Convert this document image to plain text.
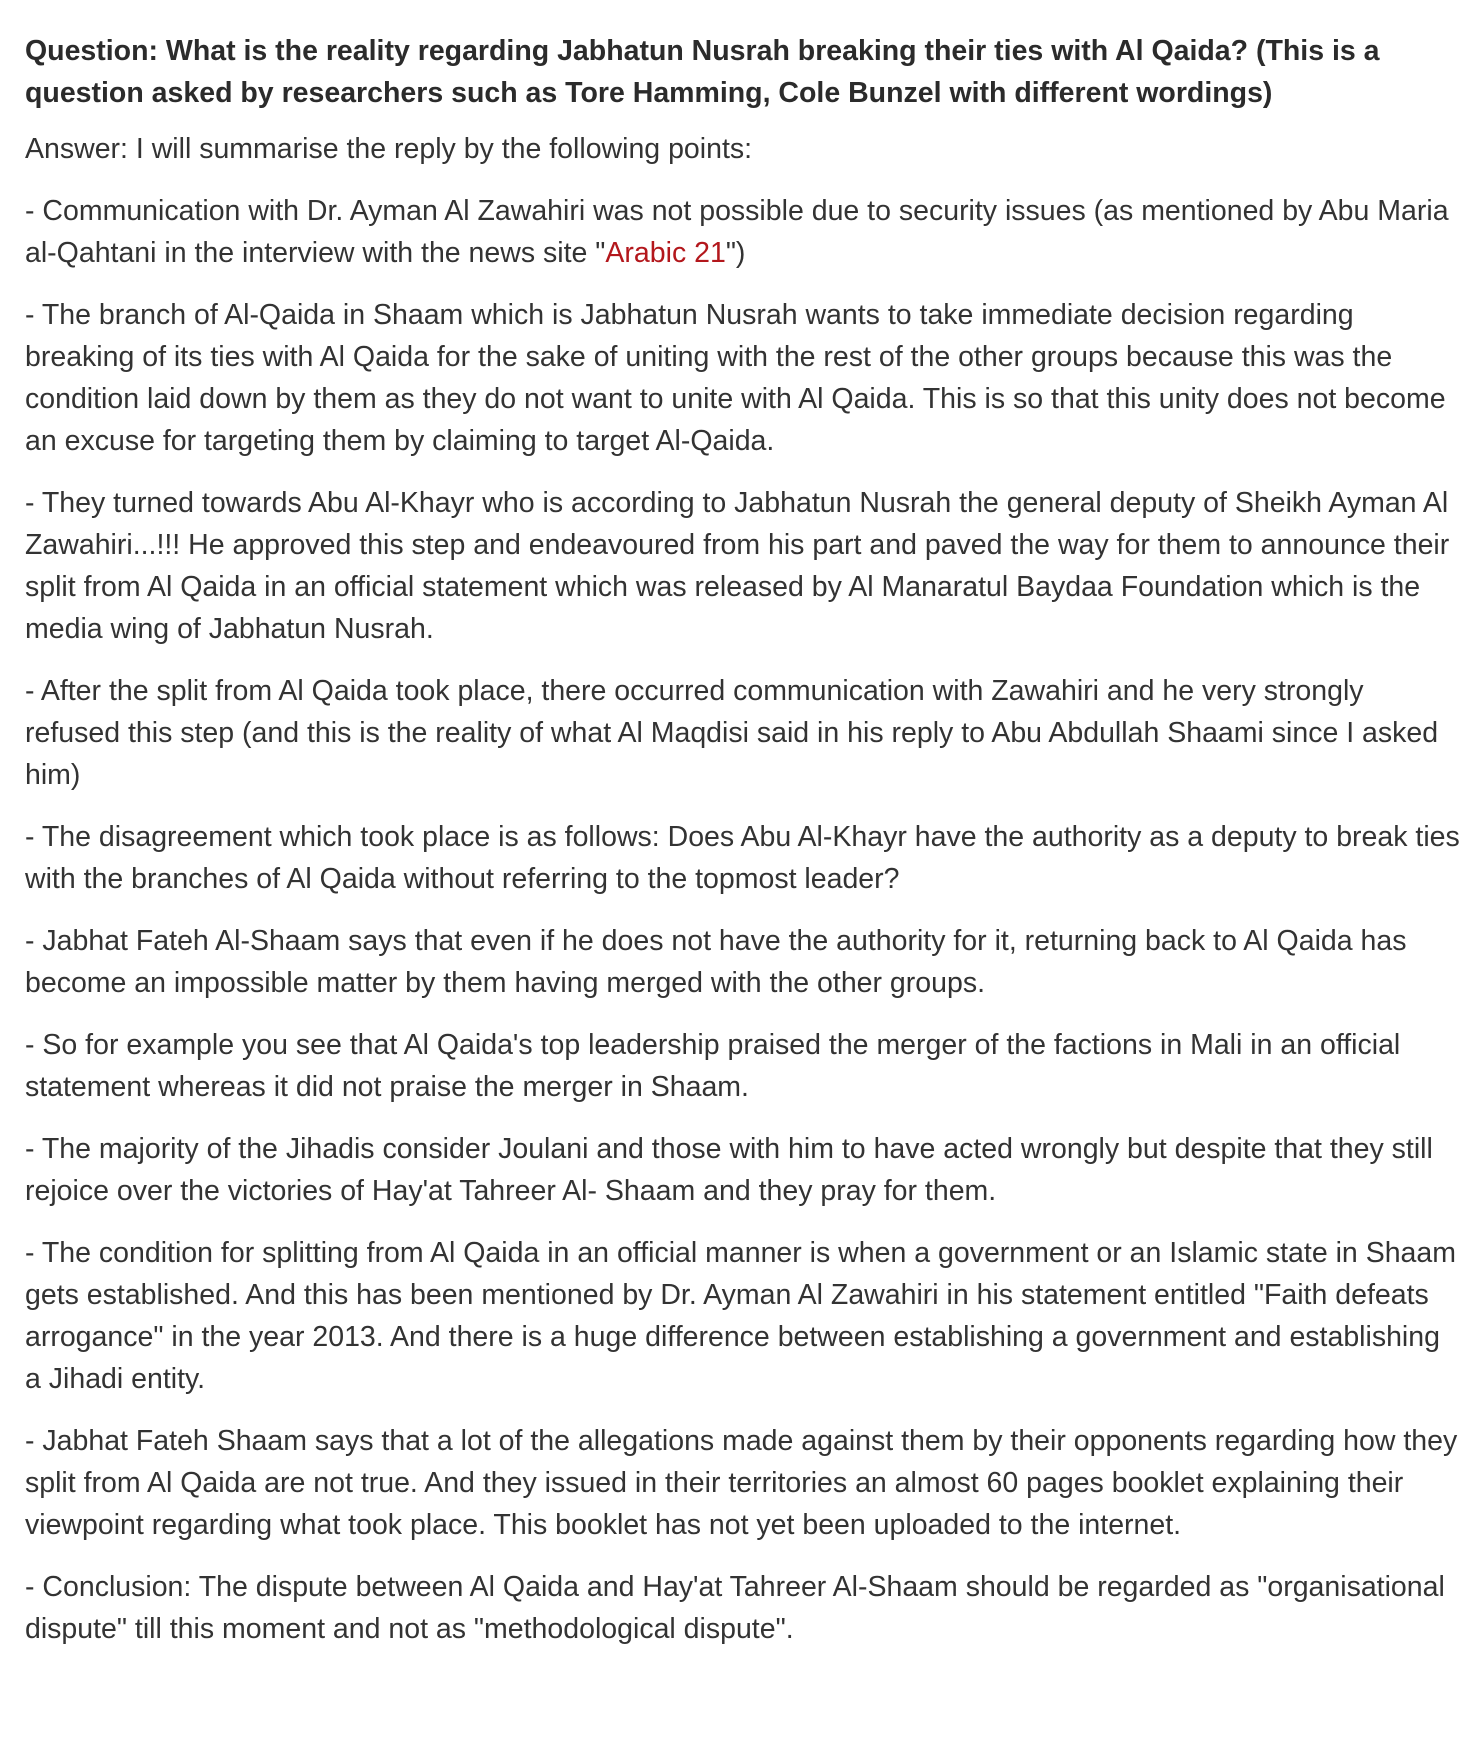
Question: What is the reality regarding Jabhatun Nusrah breaking their ties with Al Qaida? (This is a question asked by researchers such as Tore Hamming, Cole Bunzel with different wordings)

Answer: I will summarise the reply by the following points:

- Communication with Dr. Ayman Al Zawahiri was not possible due to security issues (as mentioned by Abu Maria al-Qahtani in the interview with the news site "Arabic 21")

- The branch of Al-Qaida in Shaam which is Jabhatun Nusrah wants to take immediate decision regarding breaking of its ties with Al Qaida for the sake of uniting with the rest of the other groups because this was the condition laid down by them as they do not want to unite with Al Qaida. This is so that this unity does not become an excuse for targeting them by claiming to target Al-Qaida.

- They turned towards Abu Al-Khayr who is according to Jabhatun Nusrah the general deputy of Sheikh Ayman Al Zawahiri...!!! He approved this step and endeavoured from his part and paved the way for them to announce their split from Al Qaida in an official statement which was released by Al Manaratul Baydaa Foundation which is the media wing of Jabhatun Nusrah.

- After the split from Al Qaida took place, there occurred communication with Zawahiri and he very strongly refused this step (and this is the reality of what Al Maqdisi said in his reply to Abu Abdullah Shaami since I asked him)

- The disagreement which took place is as follows: Does Abu Al-Khayr have the authority as a deputy to break ties with the branches of Al Qaida without referring to the topmost leader?

- Jabhat Fateh Al-Shaam says that even if he does not have the authority for it, returning back to Al Qaida has become an impossible matter by them having merged with the other groups.

- So for example you see that Al Qaida's top leadership praised the merger of the factions in Mali in an official statement whereas it did not praise the merger in Shaam.

- The majority of the Jihadis consider Joulani and those with him to have acted wrongly but despite that they still rejoice over the victories of Hay'at Tahreer Al- Shaam and they pray for them.

- The condition for splitting from Al Qaida in an official manner is when a government or an Islamic state in Shaam gets established. And this has been mentioned by Dr. Ayman Al Zawahiri in his statement entitled "Faith defeats arrogance" in the year 2013. And there is a huge difference between establishing a government and establishing a Jihadi entity.

- Jabhat Fateh Shaam says that a lot of the allegations made against them by their opponents regarding how they split from Al Qaida are not true. And they issued in their territories an almost 60 pages booklet explaining their viewpoint regarding what took place. This booklet has not yet been uploaded to the internet.

- Conclusion: The dispute between Al Qaida and Hay'at Tahreer Al-Shaam should be regarded as "organisational dispute" till this moment and not as "methodological dispute".
